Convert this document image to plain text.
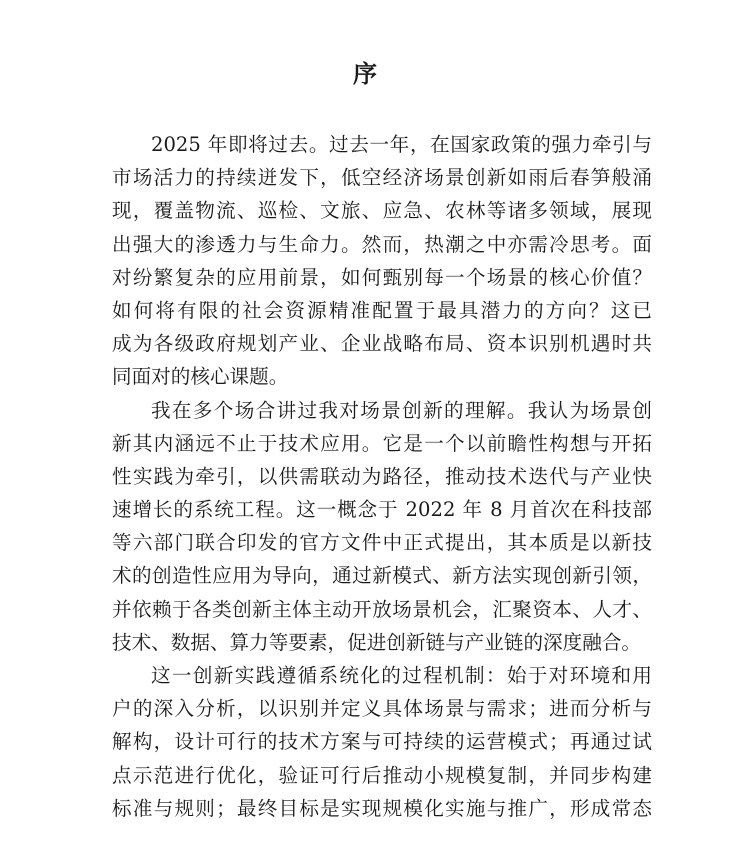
序
2025 年即将过去。过去一年，在国家政策的强力牵引与
市场活力的持续迸发下，低空经济场景创新如雨后春笋般涌
现，覆盖物流、巡检、文旅、应急、农林等诸多领域，展现
出强大的渗透力与生命力。然而，热潮之中亦需冷思考。面
对纷繁复杂的应用前景，如何甄别每一个场景的核心价值？
如何将有限的社会资源精准配置于最具潜力的方向？这已
成为各级政府规划产业、企业战略布局、资本识别机遇时共
同面对的核心课题。
我在多个场合讲过我对场景创新的理解。我认为场景创
新其内涵远不止于技术应用。它是一个以前瞻性构想与开拓
性实践为牵引，以供需联动为路径，推动技术迭代与产业快
速增长的系统工程。这一概念于 2022 年 8 月首次在科技部
等六部门联合印发的官方文件中正式提出，其本质是以新技
术的创造性应用为导向，通过新模式、新方法实现创新引领，
并依赖于各类创新主体主动开放场景机会，汇聚资本、人才、
技术、数据、算力等要素，促进创新链与产业链的深度融合。
这一创新实践遵循系统化的过程机制：始于对环境和用
户的深入分析，以识别并定义具体场景与需求；进而分析与
解构，设计可行的技术方案与可持续的运营模式；再通过试
点示范进行优化，验证可行后推动小规模复制，并同步构建
标准与规则；最终目标是实现规模化实施与推广，形成常态
